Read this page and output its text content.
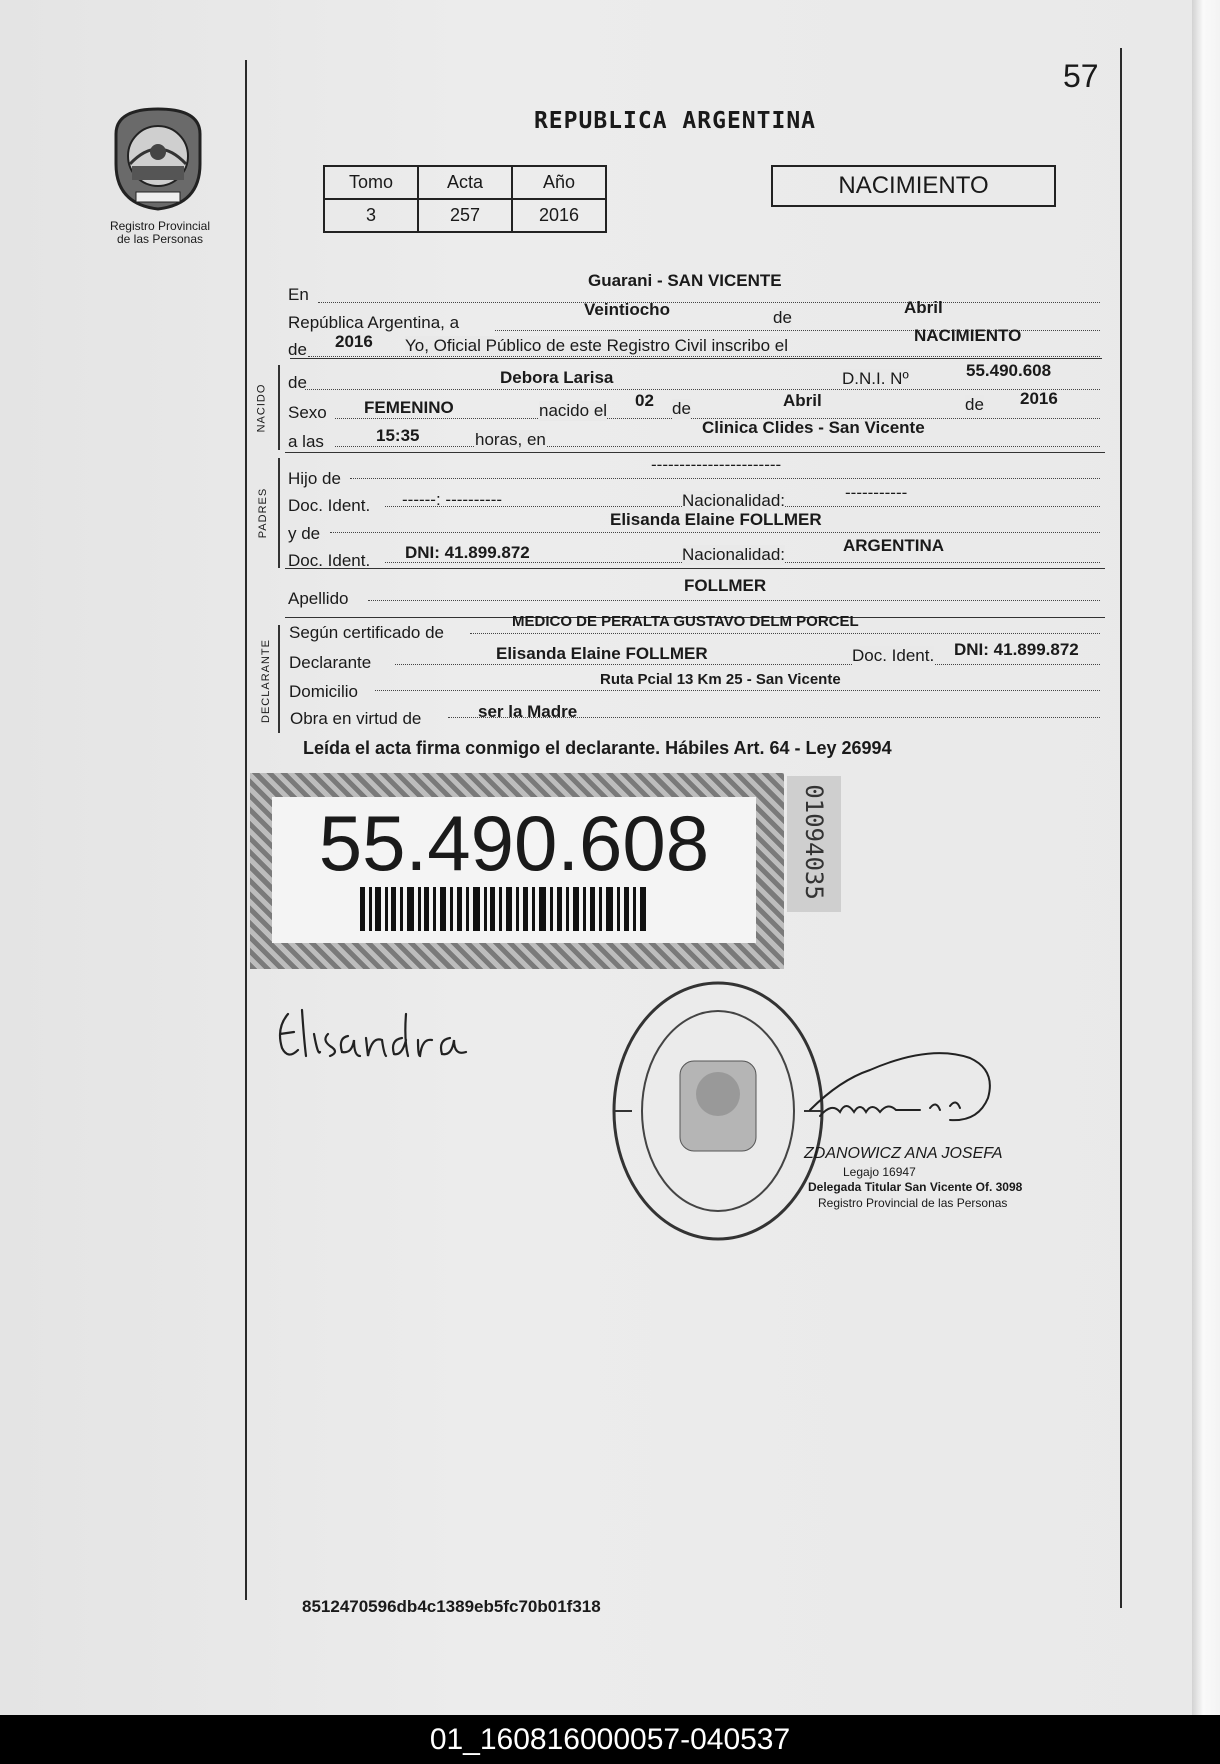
Registro Provincial
de las Personas
57
REPUBLICA ARGENTINA
Tomo	Acta	Año
3	257	2016
NACIMIENTO
En
Guarani - SAN VICENTE
República Argentina, a
Veintiocho	de
Abril
de 2016 Yo, Oficial Público de este Registro Civil inscribo el
NACIMIENTO
NACIDO
de	Debora Larisa	D.N.I. Nº	55.490.608
Sexo FEMENINO	nacido el
02 de	Abril	de 2016
a las	15:35	horas, en
Clinica Clides - San Vicente
PADRES
Hijo de
-----------------------
Doc. Ident. ------: ----------	Nacionalidad:	-----------
y de
Elisanda Elaine FOLLMER
Doc. Ident. DNI: 41.899.872	Nacionalidad:	ARGENTINA
Apellido
FOLLMER
DECLARANTE
Según certificado de
MEDICO DE PERALTA GUSTAVO DELM PORCEL
Declarante	Elisanda Elaine FOLLMER	Doc. Ident. DNI: 41.899.872
Domicilio
Ruta Pcial 13 Km 25 - San Vicente
Obra en virtud de	ser la Madre
Leída el acta firma conmigo el declarante. Hábiles Art. 64 - Ley 26994
55.490.608	01094035
ZDANOWICZ ANA JOSEFA
Legajo 16947
Delegada Titular San Vicente Of. 3098
Registro Provincial de las Personas
8512470596db4c1389eb5fc70b01f318
01_160816000057-040537
